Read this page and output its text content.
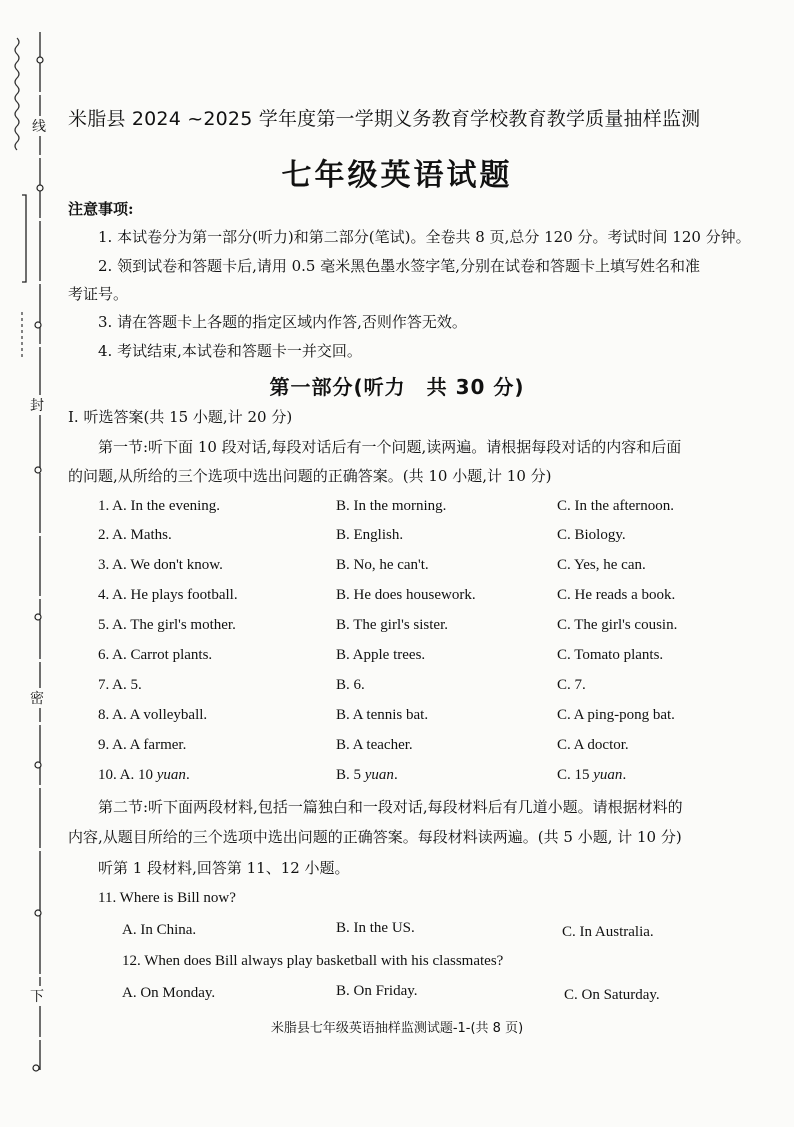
线
封
密
下
米脂县 2024 ~2025 学年度第一学期义务教育学校教育教学质量抽样监测
七年级英语试题
注意事项:
1. 本试卷分为第一部分(听力)和第二部分(笔试)。全卷共 8 页,总分 120 分。考试时间 120 分钟。
2. 领到试卷和答题卡后,请用 0.5 毫米黑色墨水签字笔,分别在试卷和答题卡上填写姓名和准
考证号。
3. 请在答题卡上各题的指定区域内作答,否则作答无效。
4. 考试结束,本试卷和答题卡一并交回。
第一部分(听力　共 30 分)
Ⅰ. 听选答案(共 15 小题,计 20 分)
第一节:听下面 10 段对话,每段对话后有一个问题,读两遍。请根据每段对话的内容和后面
的问题,从所给的三个选项中选出问题的正确答案。(共 10 小题,计 10 分)
1. A. In the evening.	B. In the morning.	C. In the afternoon.
2. A. Maths.	B. English.	C. Biology.
3. A. We don't know.	B. No, he can't.	C. Yes, he can.
4. A. He plays football.	B. He does housework.	C. He reads a book.
5. A. The girl's mother.	B. The girl's sister.	C. The girl's cousin.
6. A. Carrot plants.	B. Apple trees.	C. Tomato plants.
7. A. 5.	B. 6.	C. 7.
8. A. A volleyball.	B. A tennis bat.	C. A ping-pong bat.
9. A. A farmer.	B. A teacher.	C. A doctor.
10. A. 10 yuan.	B. 5 yuan.	C. 15 yuan.
第二节:听下面两段材料,包括一篇独白和一段对话,每段材料后有几道小题。请根据材料的
内容,从题目所给的三个选项中选出问题的正确答案。每段材料读两遍。(共 5 小题, 计 10 分)
听第 1 段材料,回答第 11、12 小题。
11. Where is Bill now?
A. In China.	B. In the US.	C. In Australia.
12. When does Bill always play basketball with his classmates?
A. On Monday.	B. On Friday.	C. On Saturday.
米脂县七年级英语抽样监测试题-1-(共 8 页)
